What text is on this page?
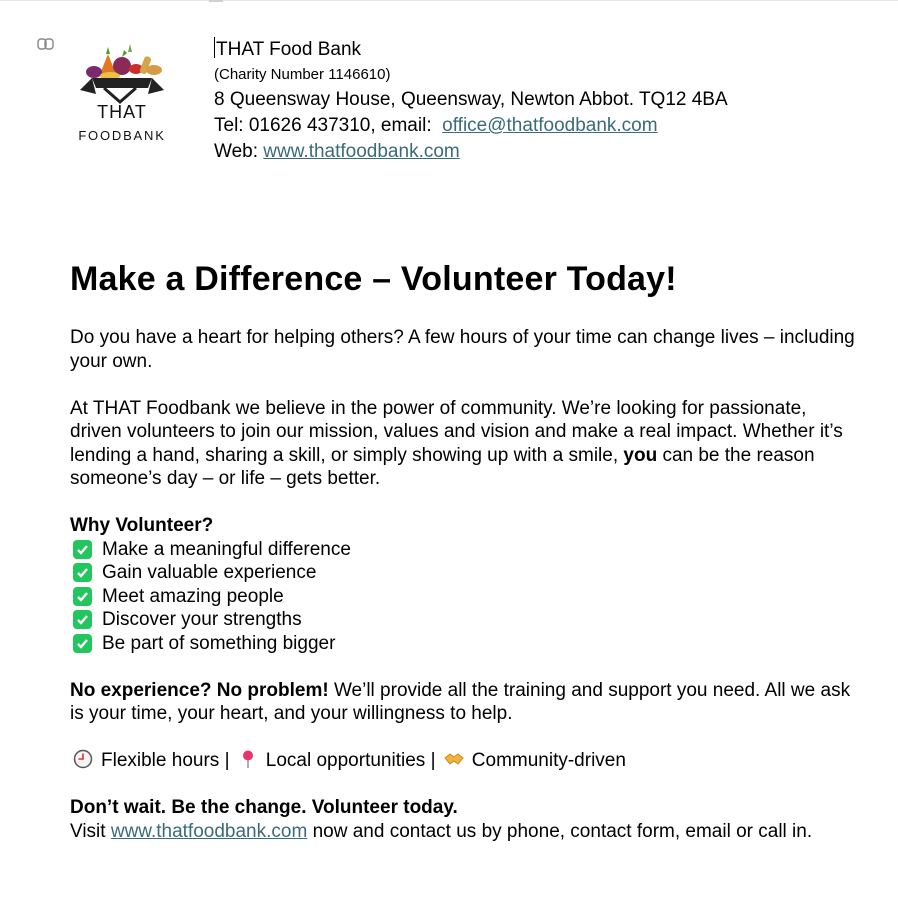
THAT
FOODBANK
THAT Food Bank
(Charity Number 1146610)
8 Queensway House, Queensway, Newton Abbot. TQ12 4BA
Tel: 01626 437310, email: office@thatfoodbank.com
Web: www.thatfoodbank.com
Make a Difference – Volunteer Today!

Do you have a heart for helping others? A few hours of your time can change lives – including your own.

At THAT Foodbank we believe in the power of community. We’re looking for passionate, driven volunteers to join our mission, values and vision and make a real impact. Whether it’s lending a hand, sharing a skill, or simply showing up with a smile, you can be the reason someone’s day – or life – gets better.

Why Volunteer?

Make a meaningful difference
Gain valuable experience
Meet amazing people
Discover your strengths
Be part of something bigger

No experience? No problem! We’ll provide all the training and support you need. All we ask is your time, your heart, and your willingness to help.

Flexible hours | Local opportunities | Community-driven

Don’t wait. Be the change. Volunteer today.
Visit www.thatfoodbank.com now and contact us by phone, contact form, email or call in.
